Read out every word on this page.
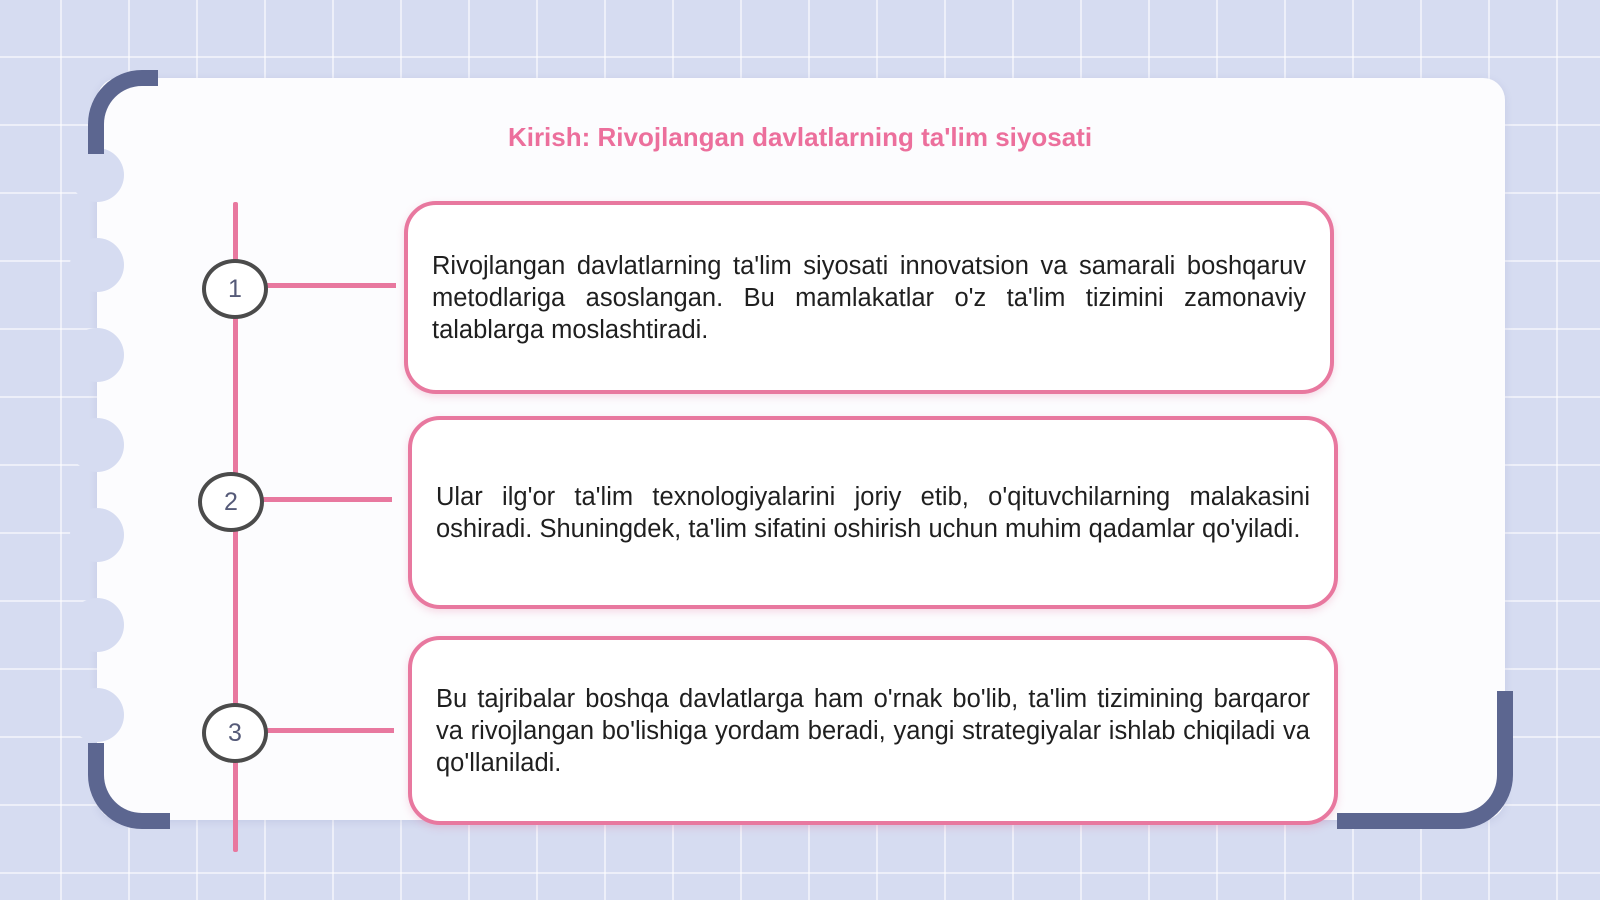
Kirish: Rivojlangan davlatlarning ta'lim siyosati
1
2
3
Rivojlangan davlatlarning ta'lim siyosati innovatsion va samarali boshqaruv metodlariga asoslangan. Bu mamlakatlar o'z ta'lim tizimini zamonaviy talablarga moslashtiradi.
Ular ilg'or ta'lim texnologiyalarini joriy etib, o'qituvchilarning malakasini oshiradi. Shuningdek, ta'lim sifatini oshirish uchun muhim qadamlar qo'yiladi.
Bu tajribalar boshqa davlatlarga ham o'rnak bo'lib, ta'lim tizimining barqaror va rivojlangan bo'lishiga yordam beradi, yangi strategiyalar ishlab chiqiladi va qo'llaniladi.
